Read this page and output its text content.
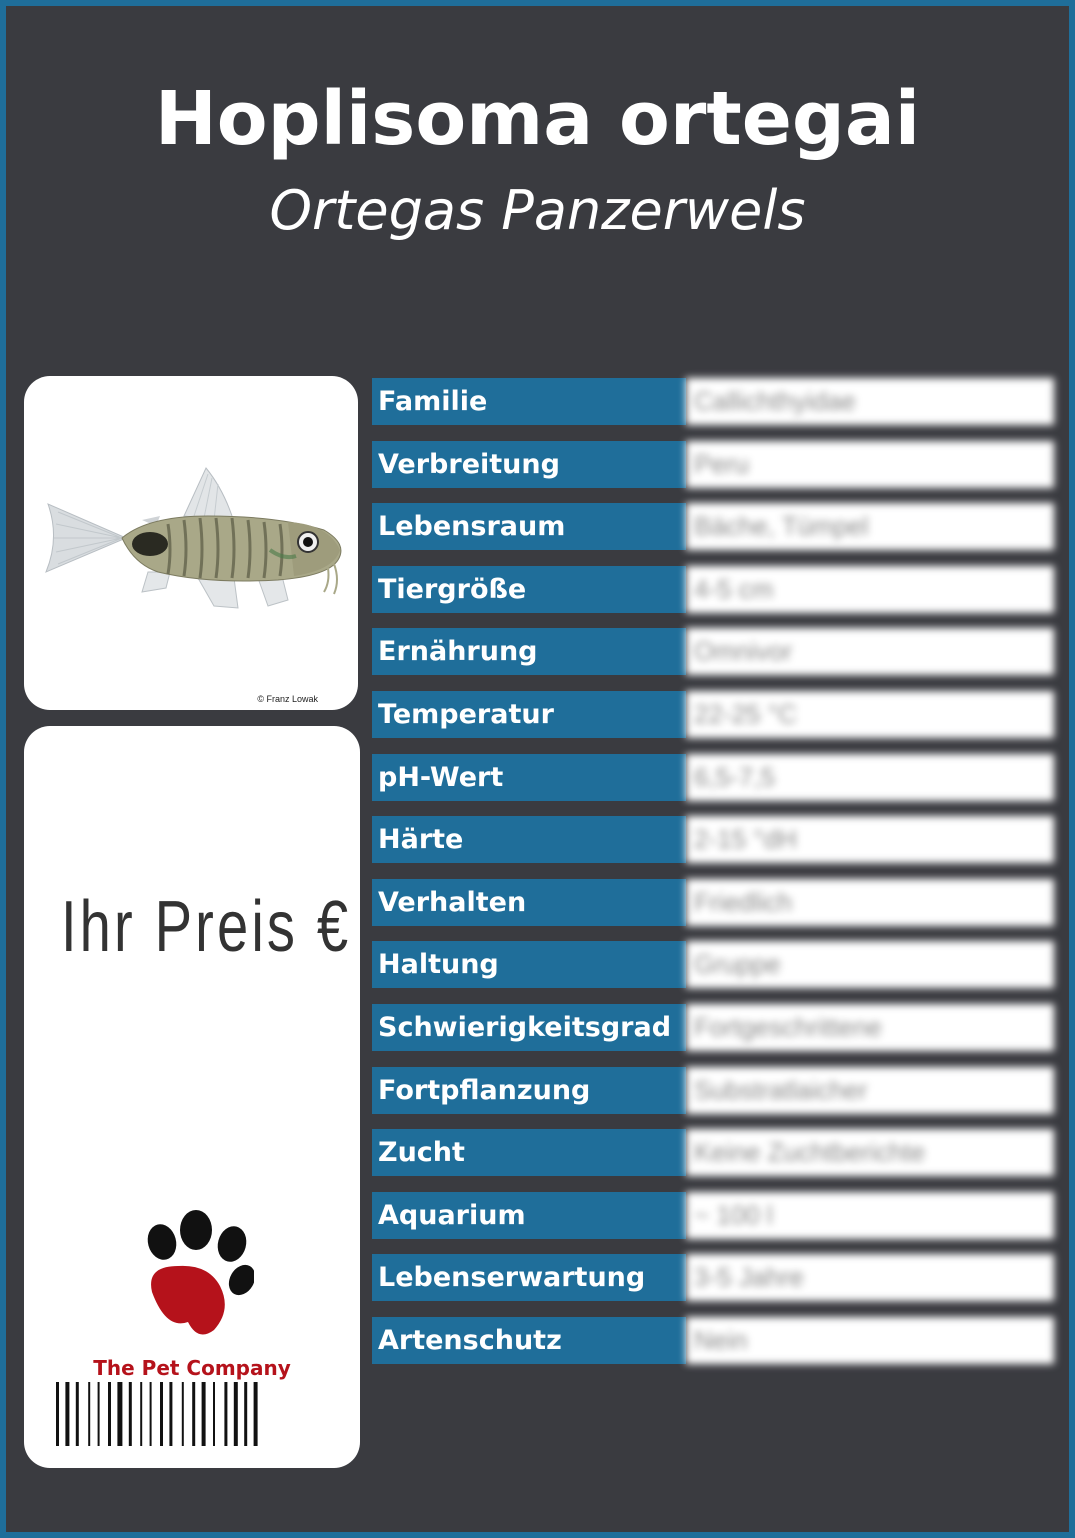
Hoplisoma ortegai
Ortegas Panzerwels
© Franz Lowak
Ihr Preis €
The Pet Company
Familie	Callichthyidae
Verbreitung	Peru
Lebensraum	Bäche, Tümpel
Tiergröße	4-5 cm
Ernährung	Omnivor
Temperatur	22-25 °C
pH-Wert	6,5-7,5
Härte	2-15 °dH
Verhalten	Friedlich
Haltung	Gruppe
Schwierigkeitsgrad Fortgeschrittene
Fortpflanzung	Substratlaicher
Zucht	Keine Zuchtberichte
Aquarium	~ 100 l
Lebenserwartung	3-5 Jahre
Artenschutz	Nein
